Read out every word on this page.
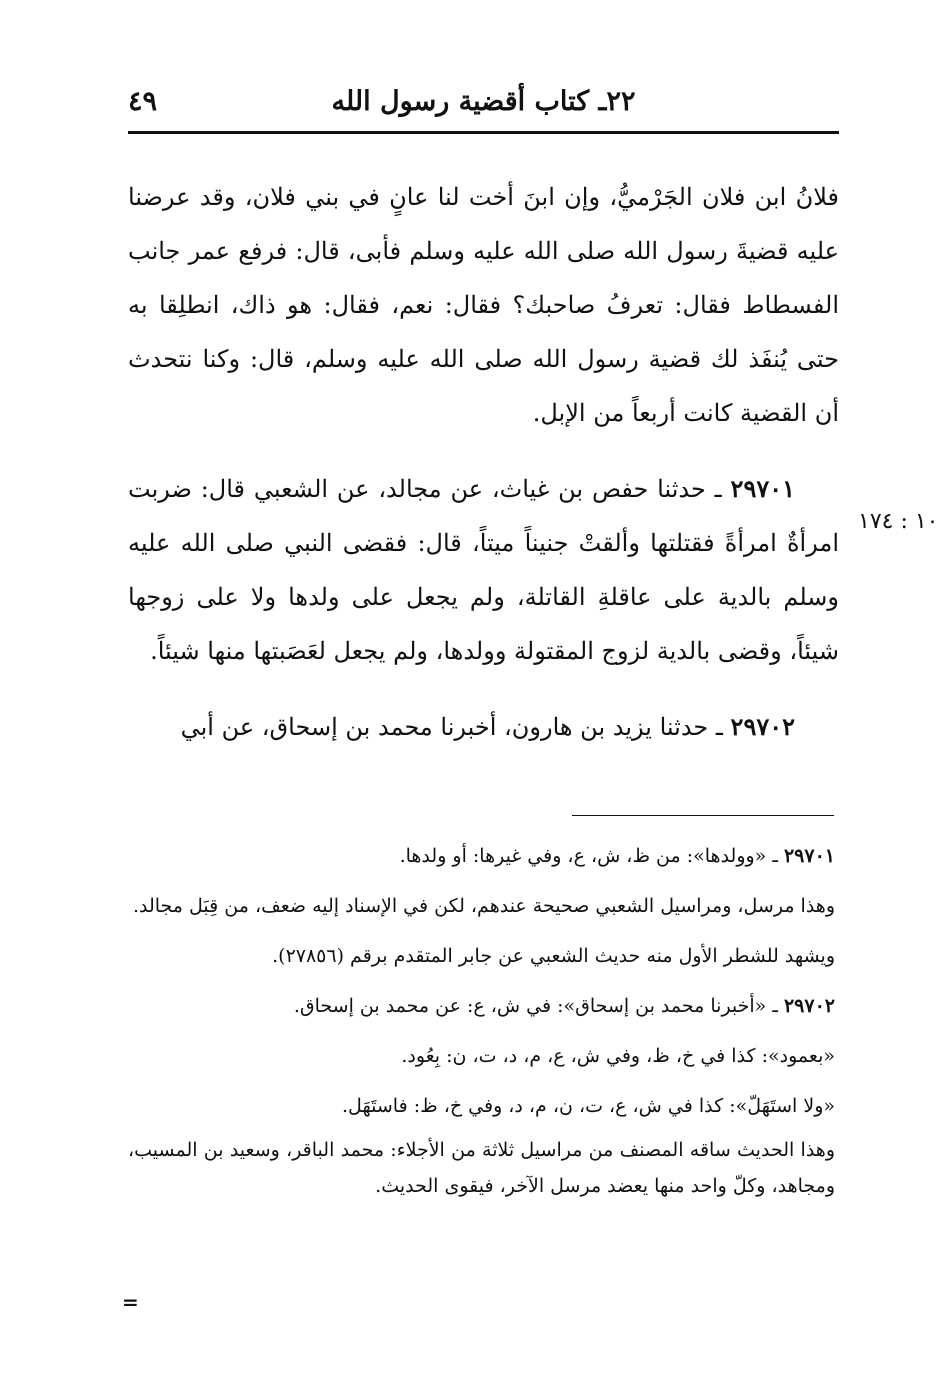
٤٩	٢٢ـ كتاب أقضية رسول الله

فلانُ ابن فلان الجَرْميُّ، وإن ابنَ أخت لنا عانٍ في بني فلان، وقد عرضنا عليه قضيةَ رسول الله صلى الله عليه وسلم فأبى، قال: فرفع عمر جانب الفسطاط فقال: تعرفُ صاحبك؟ فقال: نعم، فقال: هو ذاك، انطلِقا به حتى يُنفَذ لك قضية رسول الله صلى الله عليه وسلم، قال: وكنا نتحدث أن القضية كانت أربعاً من الإبل.

٢٩٧٠١ ـ حدثنا حفص بن غياث، عن مجالد، عن الشعبي قال: ضربت امرأةٌ امرأةً فقتلتها وألقتْ جنيناً ميتاً، قال: فقضى النبي صلى الله عليه وسلم بالدية على عاقلةِ القاتلة، ولم يجعل على ولدها ولا على زوجها شيئاً، وقضى بالدية لزوج المقتولة وولدها، ولم يجعل لعَصَبتها منها شيئاً.

٢٩٧٠٢ ـ حدثنا يزيد بن هارون، أخبرنا محمد بن إسحاق، عن أبي

١٠ : ١٧٤

٢٩٧٠١ ـ «وولدها»: من ظ، ش، ع، وفي غيرها: أو ولدها.

وهذا مرسل، ومراسيل الشعبي صحيحة عندهم، لكن في الإسناد إليه ضعف، من قِبَل مجالد.

ويشهد للشطر الأول منه حديث الشعبي عن جابر المتقدم برقم (٢٧٨٥٦).

٢٩٧٠٢ ـ «أخبرنا محمد بن إسحاق»: في ش، ع: عن محمد بن إسحاق.

«بعمود»: كذا في خ، ظ، وفي ش، ع، م، د، ت، ن: بِعُود.

«ولا استَهَلّ»: كذا في ش، ع، ت، ن، م، د، وفي خ، ظ: فاستَهَل.

وهذا الحديث ساقه المصنف من مراسيل ثلاثة من الأجلاء: محمد الباقر، وسعيد بن المسيب، ومجاهد، وكلّ واحد منها يعضد مرسل الآخر، فيقوى الحديث.

=
